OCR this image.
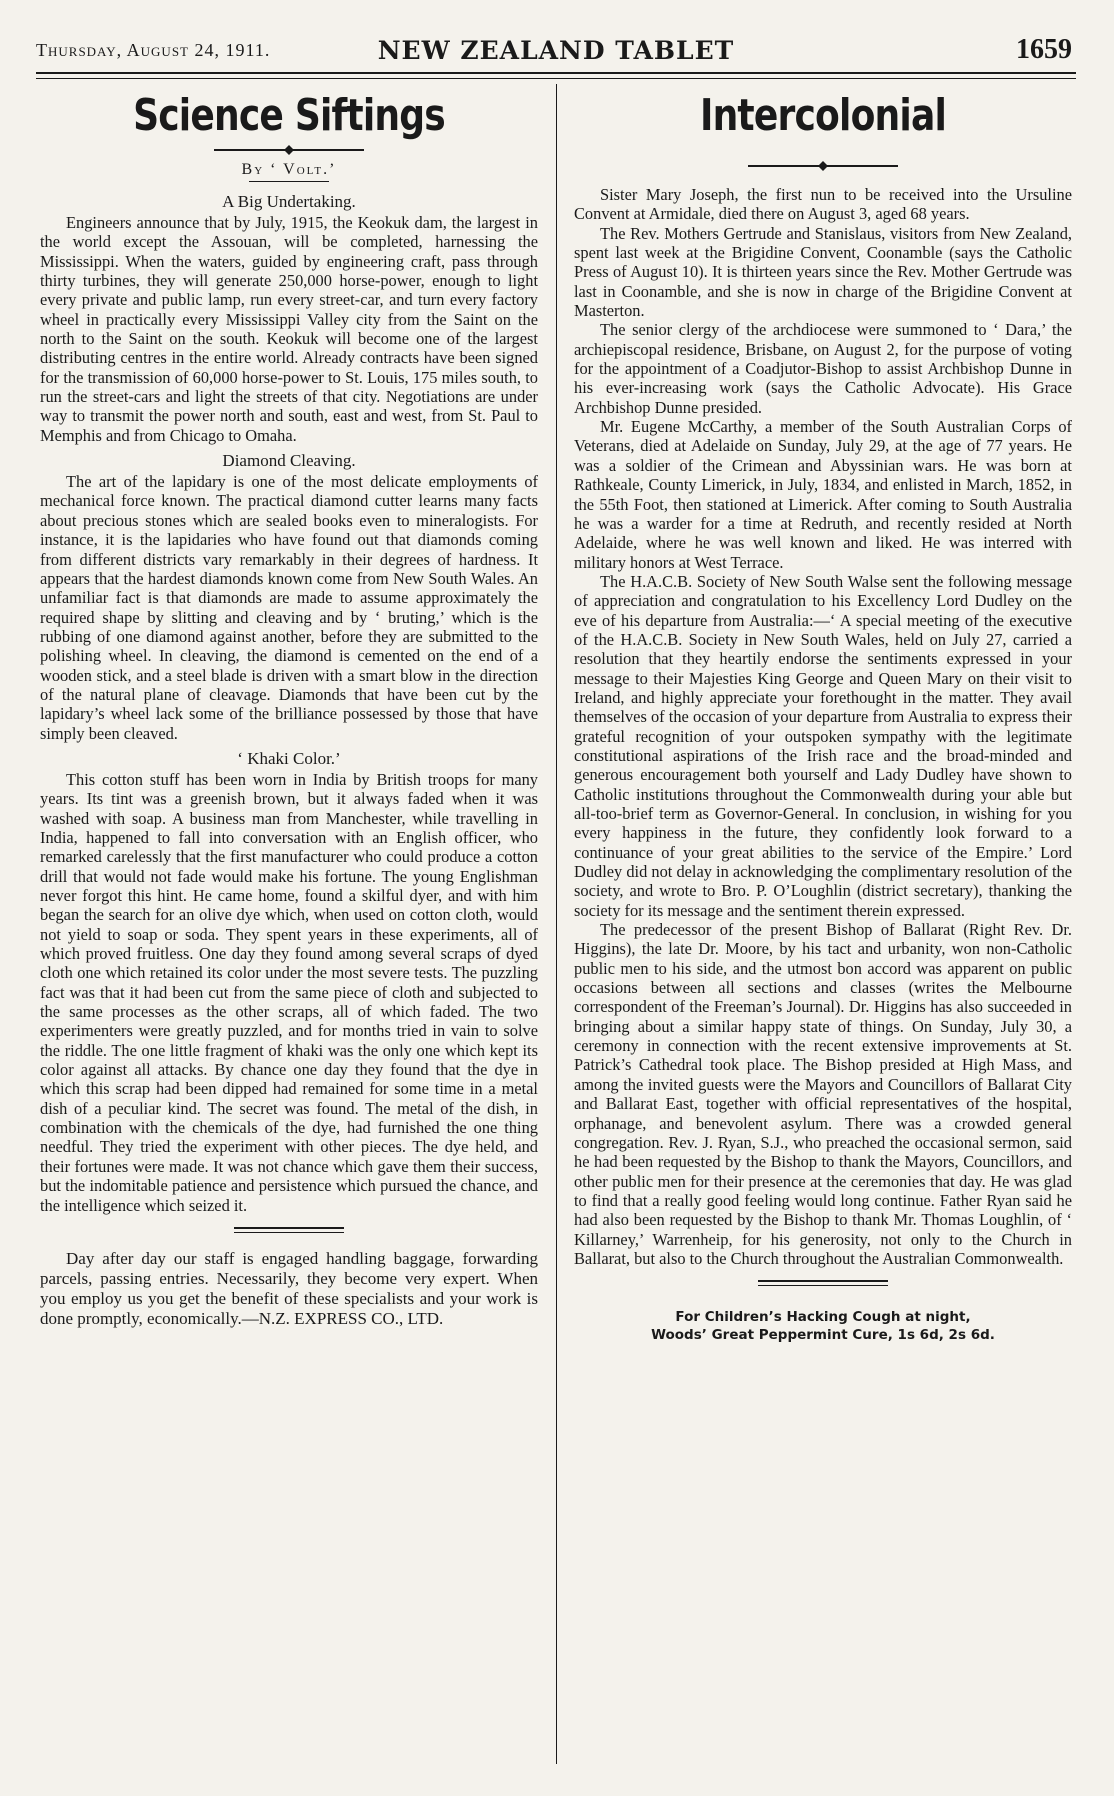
Thursday, August 24, 1911.	NEW ZEALAND TABLET	1659
Science Siftings
By ‘ Volt.’
A Big Undertaking.

Engineers announce that by July, 1915, the Keokuk dam, the largest in the world except the Assouan, will be completed, harnessing the Mississippi. When the waters, guided by engineering craft, pass through thirty turbines, they will generate 250,000 horse-power, enough to light every private and public lamp, run every street-car, and turn every factory wheel in practically every Mississippi Valley city from the Saint on the north to the Saint on the south. Keokuk will become one of the largest distributing centres in the entire world. Already contracts have been signed for the transmission of 60,000 horse-power to St. Louis, 175 miles south, to run the street-cars and light the streets of that city. Negotiations are under way to transmit the power north and south, east and west, from St. Paul to Memphis and from Chicago to Omaha.

Diamond Cleaving.

The art of the lapidary is one of the most delicate employments of mechanical force known. The practical diamond cutter learns many facts about precious stones which are sealed books even to mineralogists. For instance, it is the lapidaries who have found out that diamonds coming from different districts vary remarkably in their degrees of hardness. It appears that the hardest diamonds known come from New South Wales. An unfamiliar fact is that diamonds are made to assume approximately the required shape by slitting and cleaving and by ‘ bruting,’ which is the rubbing of one diamond against another, before they are submitted to the polishing wheel. In cleaving, the diamond is cemented on the end of a wooden stick, and a steel blade is driven with a smart blow in the direction of the natural plane of cleavage. Diamonds that have been cut by the lapidary’s wheel lack some of the brilliance possessed by those that have simply been cleaved.

‘ Khaki Color.’

This cotton stuff has been worn in India by British troops for many years. Its tint was a greenish brown, but it always faded when it was washed with soap. A business man from Manchester, while travelling in India, happened to fall into conversation with an English officer, who remarked carelessly that the first manufacturer who could produce a cotton drill that would not fade would make his fortune. The young Englishman never forgot this hint. He came home, found a skilful dyer, and with him began the search for an olive dye which, when used on cotton cloth, would not yield to soap or soda. They spent years in these experiments, all of which proved fruitless. One day they found among several scraps of dyed cloth one which retained its color under the most severe tests. The puzzling fact was that it had been cut from the same piece of cloth and subjected to the same processes as the other scraps, all of which faded. The two experimenters were greatly puzzled, and for months tried in vain to solve the riddle. The one little fragment of khaki was the only one which kept its color against all attacks. By chance one day they found that the dye in which this scrap had been dipped had remained for some time in a metal dish of a peculiar kind. The secret was found. The metal of the dish, in combination with the chemicals of the dye, had furnished the one thing needful. They tried the experiment with other pieces. The dye held, and their fortunes were made. It was not chance which gave them their success, but the indomitable patience and persistence which pursued the chance, and the intelligence which seized it.

Day after day our staff is engaged handling baggage, forwarding parcels, passing entries. Necessarily, they become very expert. When you employ us you get the benefit of these specialists and your work is done promptly, economically.—N.Z. EXPRESS CO., LTD.

Intercolonial

Sister Mary Joseph, the first nun to be received into the Ursuline Convent at Armidale, died there on August 3, aged 68 years.

The Rev. Mothers Gertrude and Stanislaus, visitors from New Zealand, spent last week at the Brigidine Convent, Coonamble (says the Catholic Press of August 10). It is thirteen years since the Rev. Mother Gertrude was last in Coonamble, and she is now in charge of the Brigidine Convent at Masterton.

The senior clergy of the archdiocese were summoned to ‘ Dara,’ the archiepiscopal residence, Brisbane, on August 2, for the purpose of voting for the appointment of a Coadjutor-Bishop to assist Archbishop Dunne in his ever-increasing work (says the Catholic Advocate). His Grace Archbishop Dunne presided.

Mr. Eugene McCarthy, a member of the South Australian Corps of Veterans, died at Adelaide on Sunday, July 29, at the age of 77 years. He was a soldier of the Crimean and Abyssinian wars. He was born at Rathkeale, County Limerick, in July, 1834, and enlisted in March, 1852, in the 55th Foot, then stationed at Limerick. After coming to South Australia he was a warder for a time at Redruth, and recently resided at North Adelaide, where he was well known and liked. He was interred with military honors at West Terrace.

The H.A.C.B. Society of New South Walse sent the following message of appreciation and congratulation to his Excellency Lord Dudley on the eve of his departure from Australia:—‘ A special meeting of the executive of the H.A.C.B. Society in New South Wales, held on July 27, carried a resolution that they heartily endorse the sentiments expressed in your message to their Majesties King George and Queen Mary on their visit to Ireland, and highly appreciate your forethought in the matter. They avail themselves of the occasion of your departure from Australia to express their grateful recognition of your outspoken sympathy with the legitimate constitutional aspirations of the Irish race and the broad-minded and generous encouragement both yourself and Lady Dudley have shown to Catholic institutions throughout the Commonwealth during your able but all-too-brief term as Governor-General. In conclusion, in wishing for you every happiness in the future, they confidently look forward to a continuance of your great abilities to the service of the Empire.’ Lord Dudley did not delay in acknowledging the complimentary resolution of the society, and wrote to Bro. P. O’Loughlin (district secretary), thanking the society for its message and the sentiment therein expressed.

The predecessor of the present Bishop of Ballarat (Right Rev. Dr. Higgins), the late Dr. Moore, by his tact and urbanity, won non-Catholic public men to his side, and the utmost bon accord was apparent on public occasions between all sections and classes (writes the Melbourne correspondent of the Freeman’s Journal). Dr. Higgins has also succeeded in bringing about a similar happy state of things. On Sunday, July 30, a ceremony in connection with the recent extensive improvements at St. Patrick’s Cathedral took place. The Bishop presided at High Mass, and among the invited guests were the Mayors and Councillors of Ballarat City and Ballarat East, together with official representatives of the hospital, orphanage, and benevolent asylum. There was a crowded general congregation. Rev. J. Ryan, S.J., who preached the occasional sermon, said he had been requested by the Bishop to thank the Mayors, Councillors, and other public men for their presence at the ceremonies that day. He was glad to find that a really good feeling would long continue. Father Ryan said he had also been requested by the Bishop to thank Mr. Thomas Loughlin, of ‘ Killarney,’ Warrenheip, for his generosity, not only to the Church in Ballarat, but also to the Church throughout the Australian Commonwealth.

For Children’s Hacking Cough at night,
Woods’ Great Peppermint Cure, 1s 6d, 2s 6d.
